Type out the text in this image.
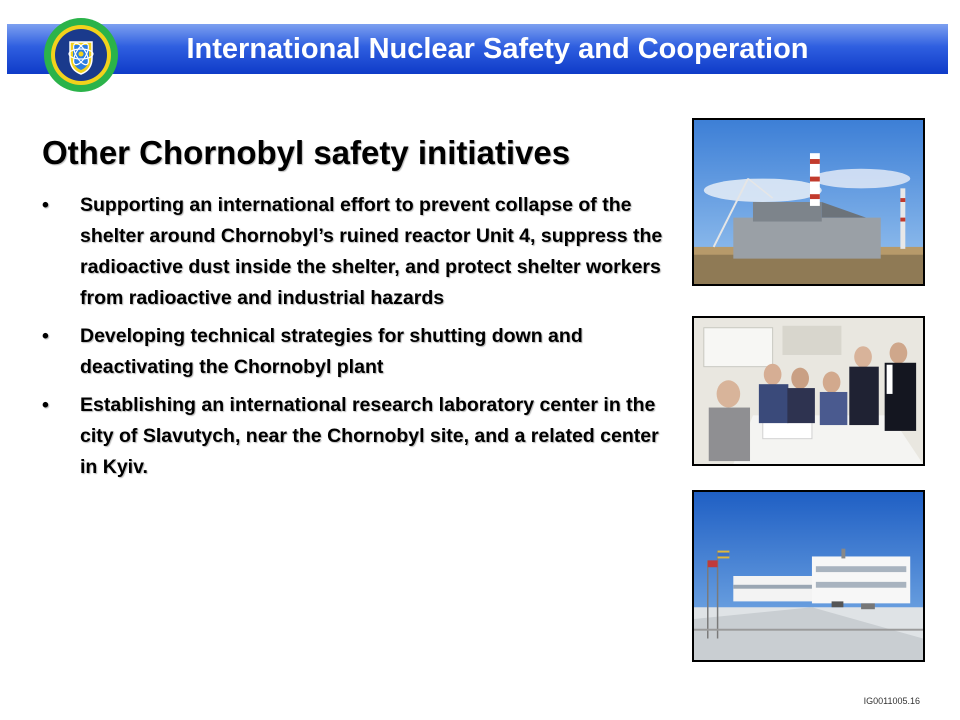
International Nuclear Safety and Cooperation
Other Chornobyl safety initiatives
• Supporting an international effort to prevent collapse of the shelter around Chornobyl’s ruined reactor Unit 4, suppress the radioactive dust inside the shelter, and protect shelter workers from radioactive and industrial hazards
• Developing technical strategies for shutting down and deactivating the Chornobyl plant
• Establishing an international research laboratory center in the city of Slavutych, near the Chornobyl site, and a related center in Kyiv.
IG0011005.16
